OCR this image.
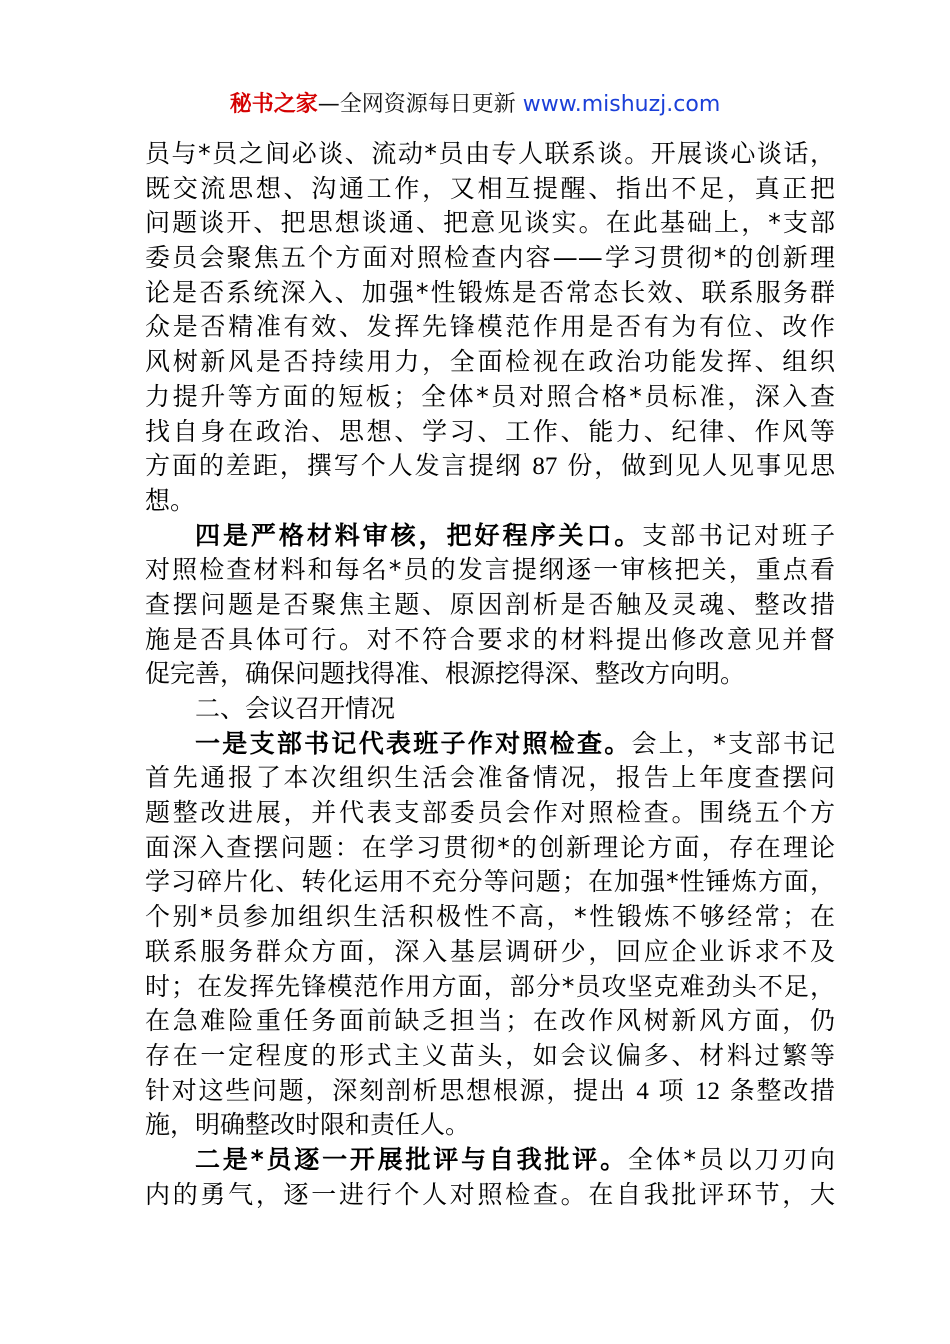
秘书之家—全网资源每日更新 www.mishuzj.com
员与*员之间必谈、流动*员由专人联系谈。开展谈心谈话，
既交流思想、沟通工作，又相互提醒、指出不足，真正把
问题谈开、把思想谈通、把意见谈实。在此基础上，*支部
委员会聚焦五个方面对照检查内容——学习贯彻*的创新理
论是否系统深入、加强*性锻炼是否常态长效、联系服务群
众是否精准有效、发挥先锋模范作用是否有为有位、改作
风树新风是否持续用力，全面检视在政治功能发挥、组织
力提升等方面的短板；全体*员对照合格*员标准，深入查
找自身在政治、思想、学习、工作、能力、纪律、作风等
方面的差距，撰写个人发言提纲 87 份，做到见人见事见思
想。
四是严格材料审核，把好程序关口。支部书记对班子
对照检查材料和每名*员的发言提纲逐一审核把关，重点看
查摆问题是否聚焦主题、原因剖析是否触及灵魂、整改措
施是否具体可行。对不符合要求的材料提出修改意见并督
促完善，确保问题找得准、根源挖得深、整改方向明。
二、会议召开情况
一是支部书记代表班子作对照检查。会上，*支部书记
首先通报了本次组织生活会准备情况，报告上年度查摆问
题整改进展，并代表支部委员会作对照检查。围绕五个方
面深入查摆问题：在学习贯彻*的创新理论方面，存在理论
学习碎片化、转化运用不充分等问题；在加强*性锤炼方面，
个别*员参加组织生活积极性不高，*性锻炼不够经常；在
联系服务群众方面，深入基层调研少，回应企业诉求不及
时；在发挥先锋模范作用方面，部分*员攻坚克难劲头不足，
在急难险重任务面前缺乏担当；在改作风树新风方面，仍
存在一定程度的形式主义苗头，如会议偏多、材料过繁等
针对这些问题，深刻剖析思想根源，提出 4 项 12 条整改措
施，明确整改时限和责任人。
二是*员逐一开展批评与自我批评。全体*员以刀刃向
内的勇气，逐一进行个人对照检查。在自我批评环节，大
